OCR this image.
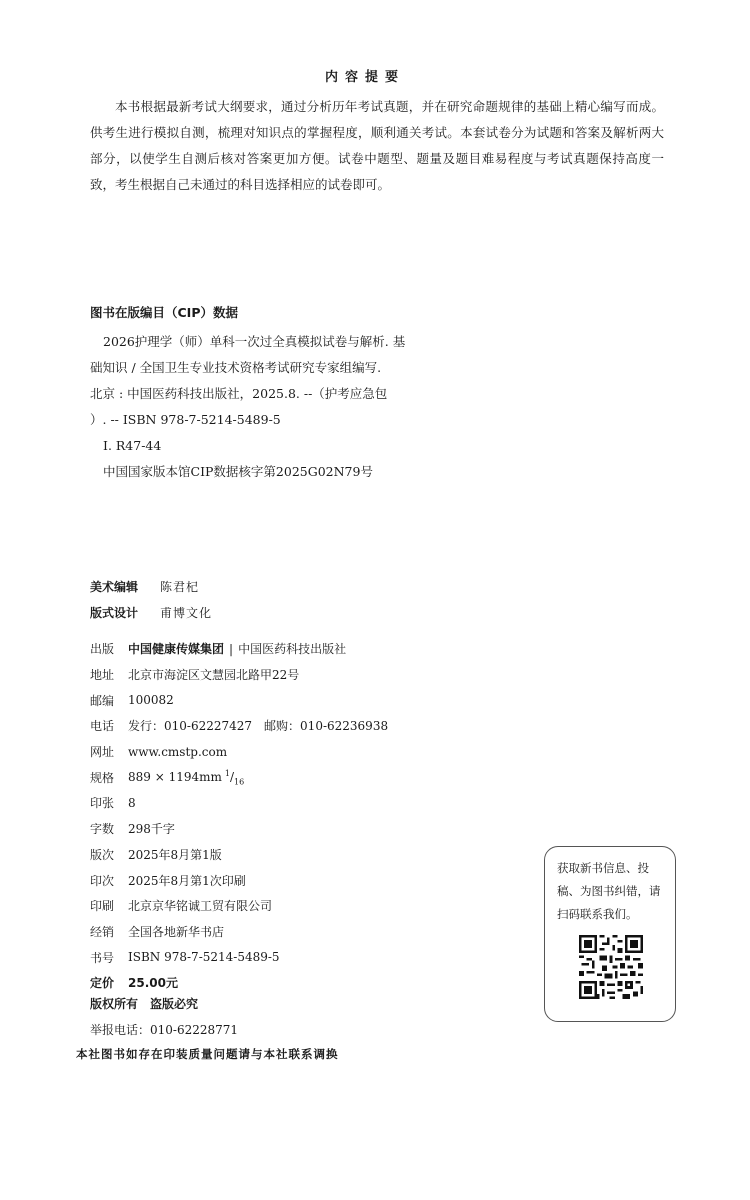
内容提要
本书根据最新考试大纲要求，通过分析历年考试真题，并在研究命题规律的基础上精心编写而成。供考生进行模拟自测，梳理对知识点的掌握程度，顺利通关考试。本套试卷分为试题和答案及解析两大部分，以使学生自测后核对答案更加方便。试卷中题型、题量及题目难易程度与考试真题保持高度一致，考生根据自己未通过的科目选择相应的试卷即可。
图书在版编目（CIP）数据
2026护理学（师）单科一次过全真模拟试卷与解析. 基
础知识 / 全国卫生专业技术资格考试研究专家组编写.
北京 : 中国医药科技出版社，2025.8. --（护考应急包
）. -- ISBN 978-7-5214-5489-5
Ⅰ. R47-44
中国国家版本馆CIP数据核字第2025G02N79号
美术编辑 陈君杞
版式设计 甫博文化
出版	中国健康传媒集团 | 中国医药科技出版社
地址	北京市海淀区文慧园北路甲22号
邮编	100082
电话	发行：010-62227427 邮购：010-62236938
网址	www.cmstp.com
规格	889 × 1194mm $^1/_{16}$
印张	8
字数	298千字
版次	2025年8月第1版
印次	2025年8月第1次印刷
印刷	北京京华铭诚工贸有限公司
经销	全国各地新华书店
书号	ISBN 978-7-5214-5489-5
定价	25.00元
版权所有 盗版必究
举报电话：010-62228771
本社图书如存在印装质量问题请与本社联系调换
获取新书信息、投稿、为图书纠错，请扫码联系我们。
